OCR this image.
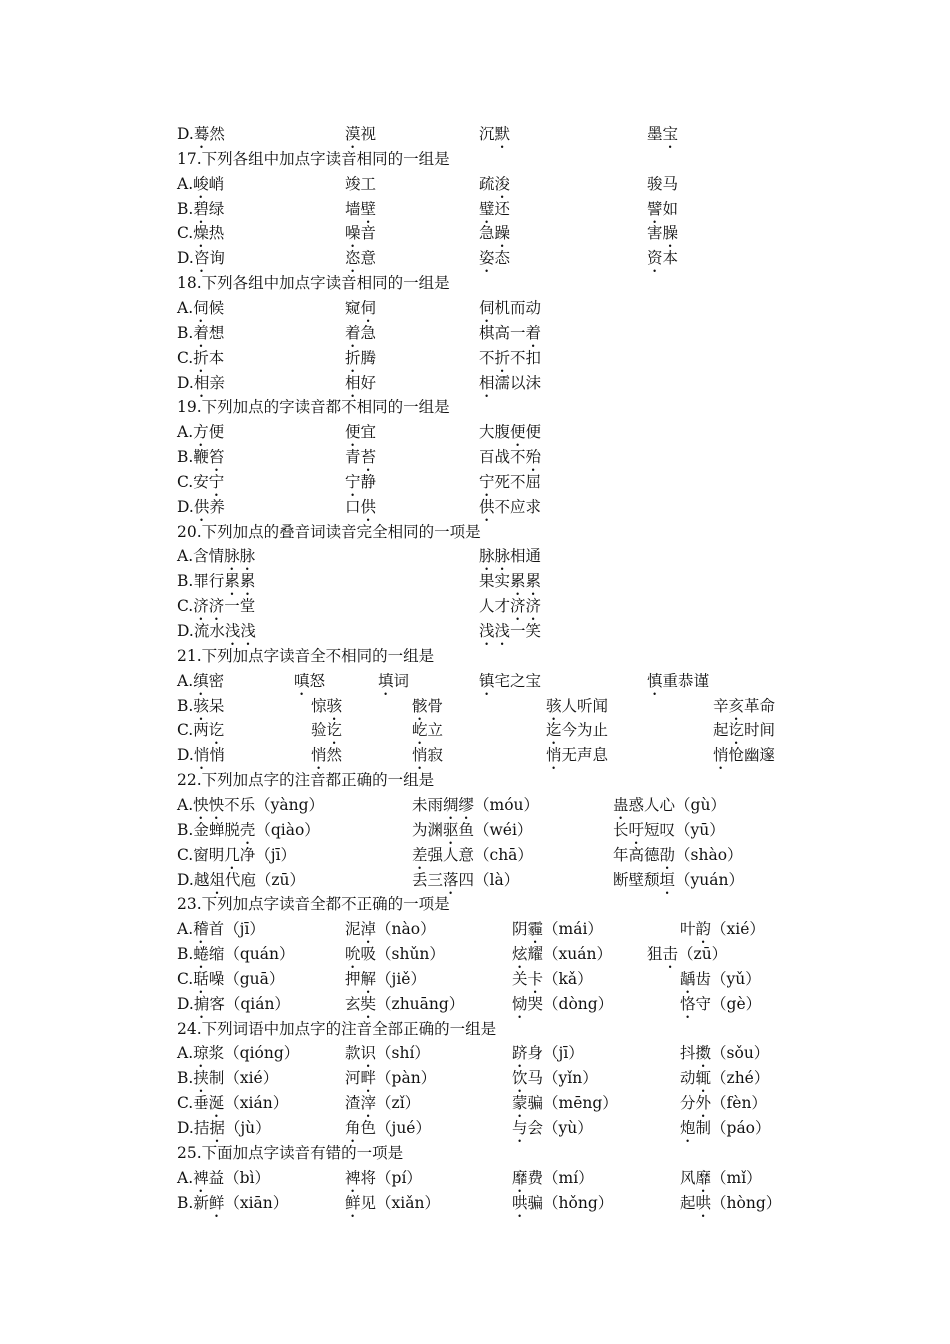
D.蓦然	漠视	沉默	墨宝
17.下列各组中加点字读音相同的一组是
A.峻峭	竣工	疏浚	骏马
B.碧绿	墙壁	璧还	譬如
C.燥热	噪音	急躁	害臊
D.咨询	恣意	姿态	资本
18.下列各组中加点字读音相同的一组是
A.伺候	窥伺	伺机而动
B.着想	着急	棋高一着
C.折本	折腾	不折不扣
D.相亲	相好	相濡以沫
19.下列加点的字读音都不相同的一组是
A.方便	便宜	大腹便便
B.鞭笞	青苔	百战不殆
C.安宁	宁静	宁死不屈
D.供养	口供	供不应求
20.下列加点的叠音词读音完全相同的一项是
A.含情脉脉	脉脉相通
B.罪行累累	果实累累
C.济济一堂	人才济济
D.流水浅浅	浅浅一笑
21.下列加点字读音全不相同的一组是
A.缜密	嗔怒	填词	镇宅之宝	慎重恭谨
B.骇呆	惊骇	骸骨	骇人听闻	辛亥革命
C.两讫	验讫	屹立	迄今为止	起讫时间
D.悄悄	悄然	悄寂	悄无声息	悄怆幽邃
22.下列加点字的注音都正确的一组是
A.怏怏不乐（yàng）	未雨绸缪（móu）	蛊惑人心（gù）
B.金蝉脱壳（qiào）	为渊驱鱼（wéi）	长吁短叹（yū）
C.窗明几净（jī）	差强人意（chā）	年高德劭（shào）
D.越俎代庖（zū）	丢三落四（là）	断壁颓垣（yuán）
23.下列加点字读音全都不正确的一项是
A.稽首（jī）	泥淖（nào）	阴霾（mái）	叶韵（xié）
B.蜷缩（quán）	吮吸（shǔn）	炫耀（xuán） 狙击（zū）
C.聒噪（guā）	押解（jiě）	关卡（kǎ）	龋齿（yǔ）
D.掮客（qián）	玄奘（zhuāng）	恸哭（dòng）	恪守（gè）
24.下列词语中加点字的注音全部正确的一组是
A.琼浆（qióng）	款识（shí）	跻身（jī）	抖擞（sǒu）
B.挟制（xié）	河畔（pàn）	饮马（yǐn）	动辄（zhé）
C.垂涎（xián）	渣滓（zǐ）	蒙骗（mēng）	分外（fèn）
D.拮据（jù）	角色（jué）	与会（yù）	炮制（páo）
25.下面加点字读音有错的一项是
A.裨益（bì）	裨将（pí）	靡费（mí）	风靡（mǐ）
B.新鲜（xiān）	鲜见（xiǎn）	哄骗（hǒng）	起哄（hòng）
